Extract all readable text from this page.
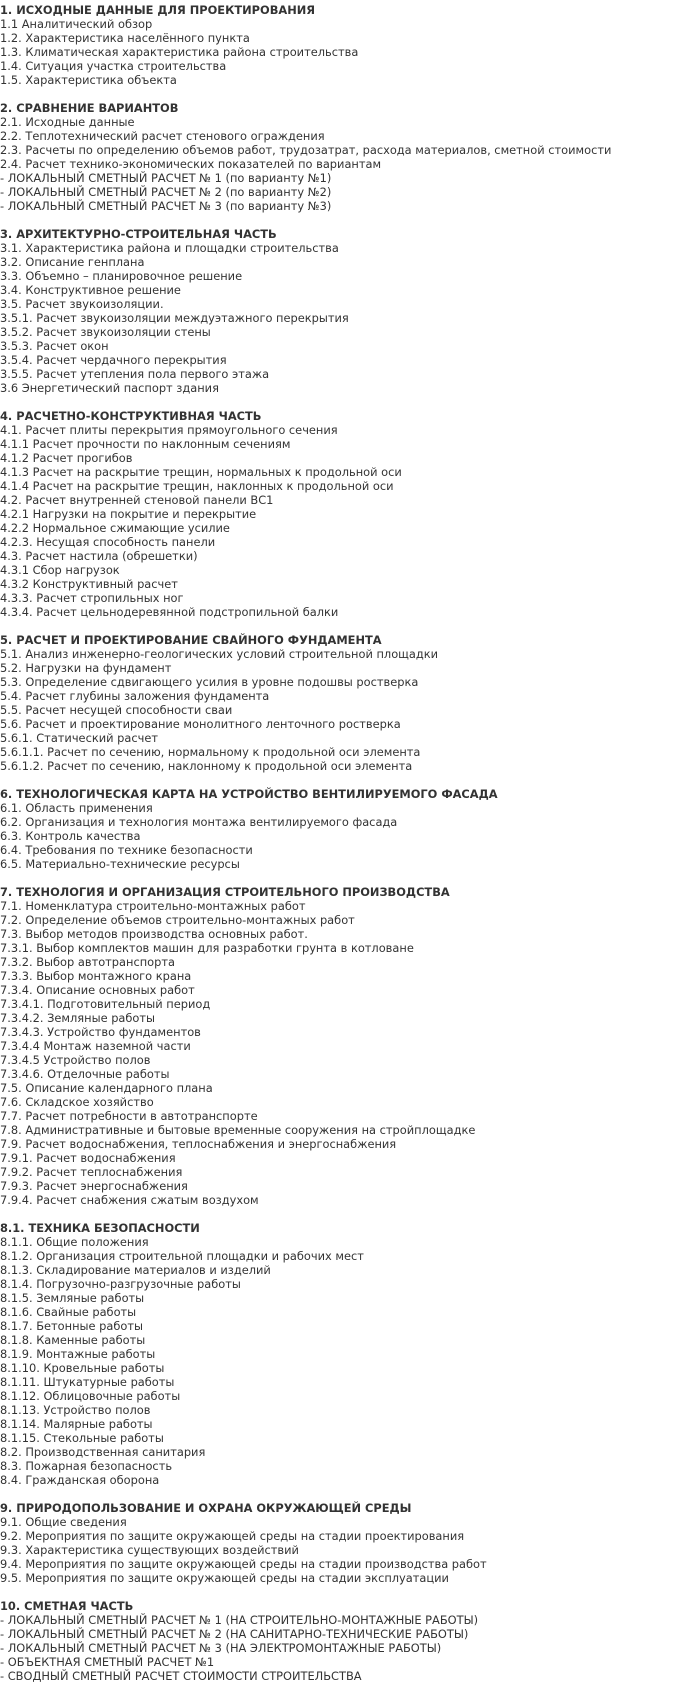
1. ИСХОДНЫЕ ДАННЫЕ ДЛЯ ПРОЕКТИРОВАНИЯ
1.1 Аналитический обзор
1.2. Характеристика населённого пункта
1.3. Климатическая характеристика района строительства
1.4. Ситуация участка строительства
1.5. Характеристика объекта
2. СРАВНЕНИЕ ВАРИАНТОВ
2.1. Исходные данные
2.2. Теплотехнический расчет стенового ограждения
2.3. Расчеты по определению объемов работ, трудозатрат, расхода материалов, сметной стоимости
2.4. Расчет технико-экономических показателей по вариантам
- ЛОКАЛЬНЫЙ СМЕТНЫЙ РАСЧЕТ № 1 (по варианту №1)
- ЛОКАЛЬНЫЙ СМЕТНЫЙ РАСЧЕТ № 2 (по варианту №2)
- ЛОКАЛЬНЫЙ СМЕТНЫЙ РАСЧЕТ № 3 (по варианту №3)
3. АРХИТЕКТУРНО-СТРОИТЕЛЬНАЯ ЧАСТЬ
3.1. Характеристика района и площадки строительства
3.2. Описание генплана
3.3. Объемно – планировочное решение
3.4. Конструктивное решение
3.5. Расчет звукоизоляции.
3.5.1. Расчет звукоизоляции междуэтажного перекрытия
3.5.2. Расчет звукоизоляции стены
3.5.3. Расчет окон
3.5.4. Расчет чердачного перекрытия
3.5.5. Расчет утепления пола первого этажа
3.6 Энергетический паспорт здания
4. РАСЧЕТНО-КОНСТРУКТИВНАЯ ЧАСТЬ
4.1. Расчет плиты перекрытия прямоугольного сечения
4.1.1 Расчет прочности по наклонным сечениям
4.1.2 Расчет прогибов
4.1.3 Расчет на раскрытие трещин, нормальных к продольной оси
4.1.4 Расчет на раскрытие трещин, наклонных к продольной оси
4.2. Расчет внутренней стеновой панели ВС1
4.2.1 Нагрузки на покрытие и перекрытие
4.2.2 Нормальное сжимающие усилие
4.2.3. Несущая способность панели
4.3. Расчет настила (обрешетки)
4.3.1 Сбор нагрузок
4.3.2 Конструктивный расчет
4.3.3. Расчет стропильных ног
4.3.4. Расчет цельнодеревянной подстропильной балки
5. РАСЧЕТ И ПРОЕКТИРОВАНИЕ СВАЙНОГО ФУНДАМЕНТА
5.1. Анализ инженерно-геологических условий строительной площадки
5.2. Нагрузки на фундамент
5.3. Определение сдвигающего усилия в уровне подошвы ростверка
5.4. Расчет глубины заложения фундамента
5.5. Расчет несущей способности сваи
5.6. Расчет и проектирование монолитного ленточного ростверка
5.6.1. Статический расчет
5.6.1.1. Расчет по сечению, нормальному к продольной оси элемента
5.6.1.2. Расчет по сечению, наклонному к продольной оси элемента
6. ТЕХНОЛОГИЧЕСКАЯ КАРТА НА УСТРОЙСТВО ВЕНТИЛИРУЕМОГО ФАСАДА
6.1. Область применения
6.2. Организация и технология монтажа вентилируемого фасада
6.3. Контроль качества
6.4. Требования по технике безопасности
6.5. Материально-технические ресурсы
7. ТЕХНОЛОГИЯ И ОРГАНИЗАЦИЯ СТРОИТЕЛЬНОГО ПРОИЗВОДСТВА
7.1. Номенклатура строительно-монтажных работ
7.2. Определение объемов строительно-монтажных работ
7.3. Выбор методов производства основных работ.
7.3.1. Выбор комплектов машин для разработки грунта в котловане
7.3.2. Выбор автотранспорта
7.3.3. Выбор монтажного крана
7.3.4. Описание основных работ
7.3.4.1. Подготовительный период
7.3.4.2. Земляные работы
7.3.4.3. Устройство фундаментов
7.3.4.4 Монтаж наземной части
7.3.4.5 Устройство полов
7.3.4.6. Отделочные работы
7.5. Описание календарного плана
7.6. Складское хозяйство
7.7. Расчет потребности в автотранспорте
7.8. Административные и бытовые временные сооружения на стройплощадке
7.9. Расчет водоснабжения, теплоснабжения и энергоснабжения
7.9.1. Расчет водоснабжения
7.9.2. Расчет теплоснабжения
7.9.3. Расчет энергоснабжения
7.9.4. Расчет снабжения сжатым воздухом
8.1. ТЕХНИКА БЕЗОПАСНОСТИ
8.1.1. Общие положения
8.1.2. Организация строительной площадки и рабочих мест
8.1.3. Складирование материалов и изделий
8.1.4. Погрузочно-разгрузочные работы
8.1.5. Земляные работы
8.1.6. Свайные работы
8.1.7. Бетонные работы
8.1.8. Каменные работы
8.1.9. Монтажные работы
8.1.10. Кровельные работы
8.1.11. Штукатурные работы
8.1.12. Облицовочные работы
8.1.13. Устройство полов
8.1.14. Малярные работы
8.1.15. Стекольные работы
8.2. Производственная санитария
8.3. Пожарная безопасность
8.4. Гражданская оборона
9. ПРИРОДОПОЛЬЗОВАНИЕ И ОХРАНА ОКРУЖАЮЩЕЙ СРЕДЫ
9.1. Общие сведения
9.2. Мероприятия по защите окружающей среды на стадии проектирования
9.3. Характеристика существующих воздействий
9.4. Мероприятия по защите окружающей среды на стадии производства работ
9.5. Мероприятия по защите окружающей среды на стадии эксплуатации
10. СМЕТНАЯ ЧАСТЬ
- ЛОКАЛЬНЫЙ СМЕТНЫЙ РАСЧЕТ № 1 (НА СТРОИТЕЛЬНО-МОНТАЖНЫЕ РАБОТЫ)
- ЛОКАЛЬНЫЙ СМЕТНЫЙ РАСЧЕТ № 2 (НА САНИТАРНО-ТЕХНИЧЕСКИЕ РАБОТЫ)
- ЛОКАЛЬНЫЙ СМЕТНЫЙ РАСЧЕТ № 3 (НА ЭЛЕКТРОМОНТАЖНЫЕ РАБОТЫ)
- ОБЪЕКТНАЯ СМЕТНЫЙ РАСЧЕТ №1
- СВОДНЫЙ СМЕТНЫЙ РАСЧЕТ СТОИМОСТИ СТРОИТЕЛЬСТВА
